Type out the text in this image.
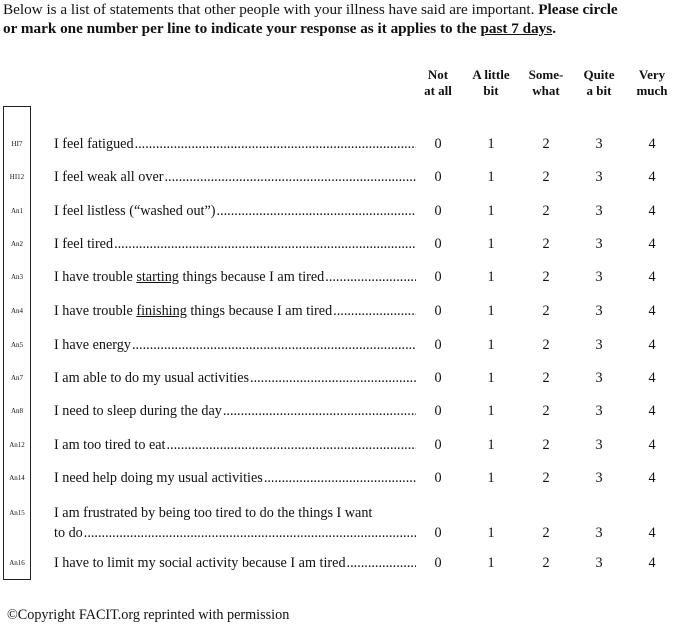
Below is a list of statements that other people with your illness have said are important. Please circle
or mark one number per line to indicate your response as it applies to the past 7 days.
Not
at all
A little
bit
Some-
what
Quite
a bit
Very
much
HI7	I feel fatigued .....	0	1	2	3	4
HI12	I feel weak all over .....	0	1	2	3	4
An1	I feel listless (“washed out”) .....	0	1	2	3	4
An2	I feel tired .....	0	1	2	3	4
An3	I have trouble starting things because I am tired .....	0	1	2	3	4
An4	I have trouble finishing things because I am tired .....	0	1	2	3	4
An5	I have energy .....	0	1	2	3	4
An7	I am able to do my usual activities .....	0	1	2	3	4
An8	I need to sleep during the day .....	0	1	2	3	4
An12	I am too tired to eat .....	0	1	2	3	4
An14	I need help doing my usual activities .....	0	1	2	3	4
An15	I am frustrated by being too tired to do the things I want
to do .....	0	1	2	3	4
An16	I have to limit my social activity because I am tired .....	0	1	2	3	4
©Copyright FACIT.org reprinted with permission
